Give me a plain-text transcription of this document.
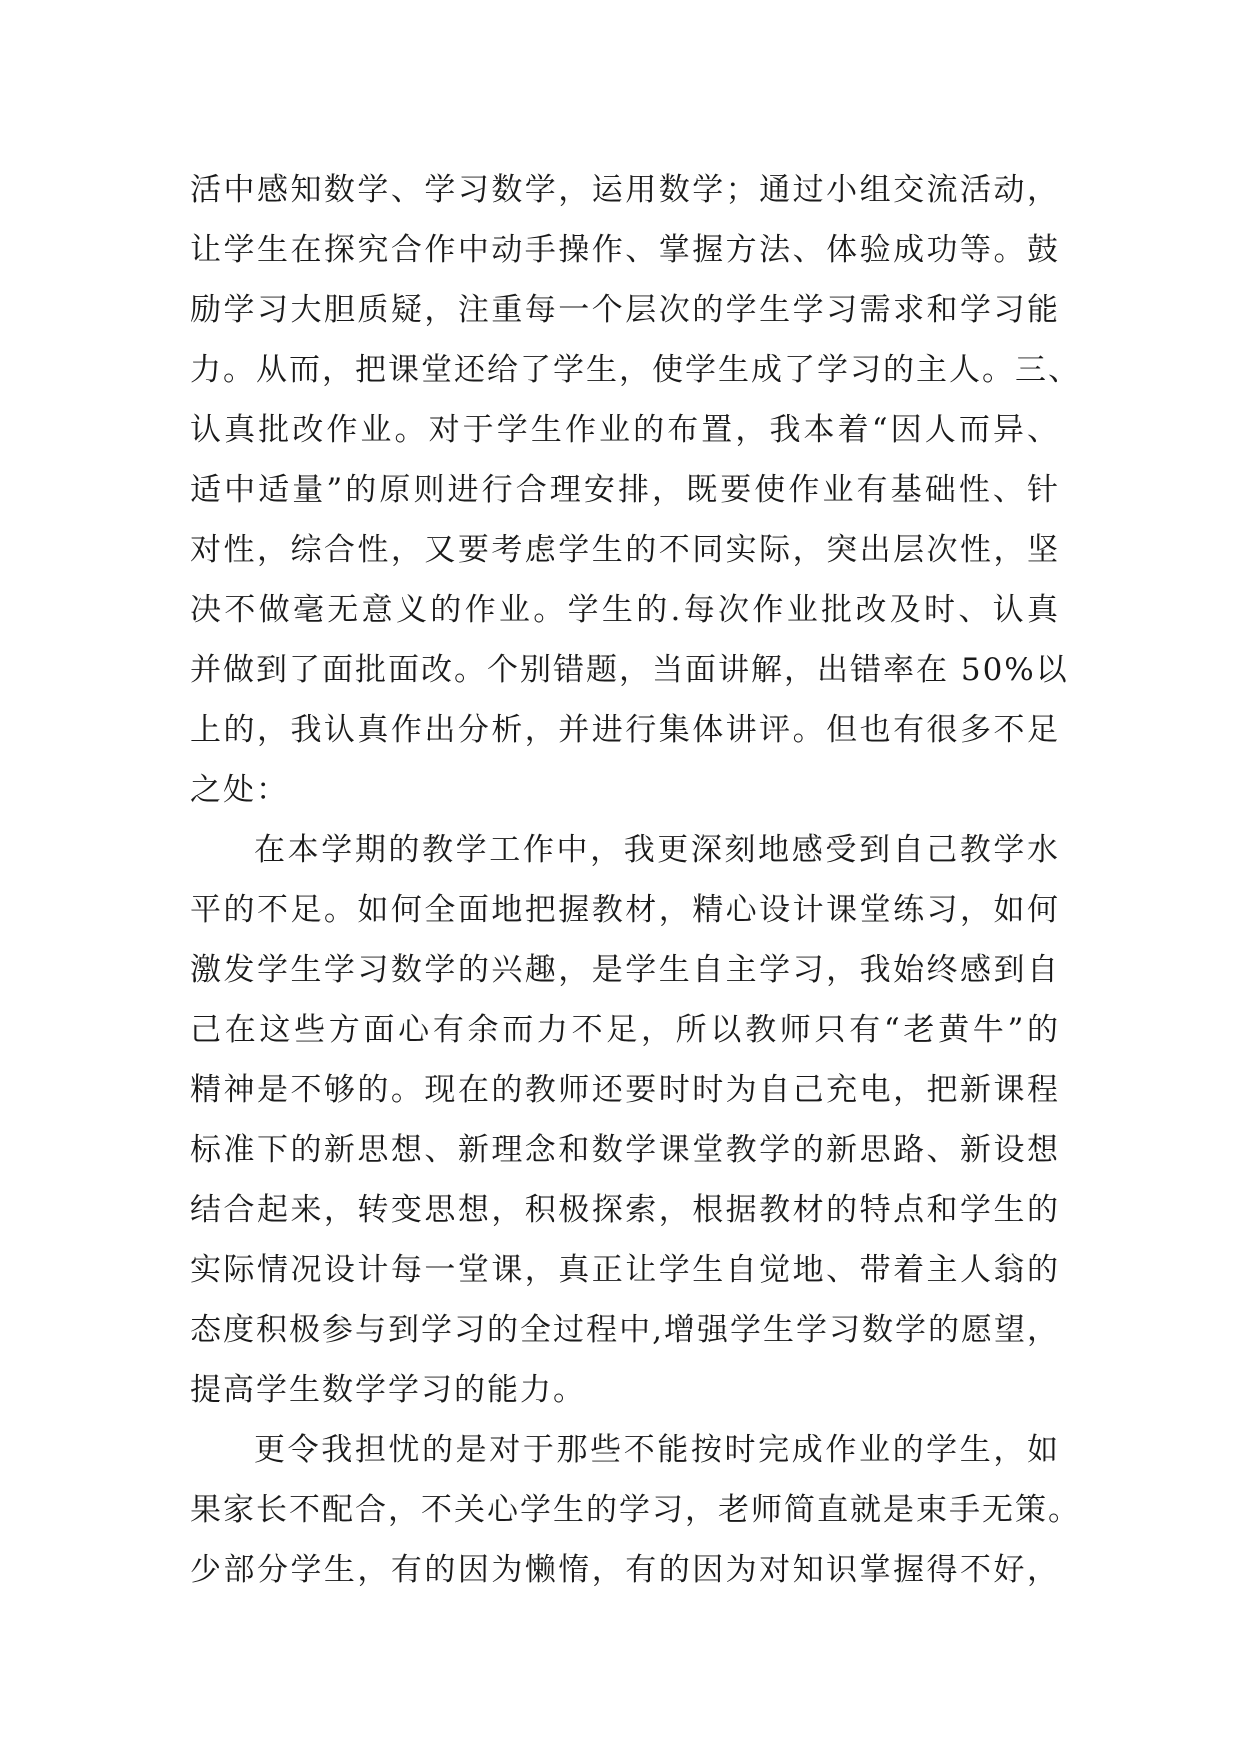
活中感知数学、学习数学，运用数学；通过小组交流活动，
让学生在探究合作中动手操作、掌握方法、体验成功等。鼓
励学习大胆质疑，注重每一个层次的学生学习需求和学习能
力。从而，把课堂还给了学生，使学生成了学习的主人。三、
认真批改作业。对于学生作业的布置，我本着“因人而异、
适中适量”的原则进行合理安排，既要使作业有基础性、针
对性，综合性，又要考虑学生的不同实际，突出层次性，坚
决不做毫无意义的作业。学生的.每次作业批改及时、认真
并做到了面批面改。个别错题，当面讲解，出错率在 50%以
上的，我认真作出分析，并进行集体讲评。但也有很多不足
之处：
在本学期的教学工作中，我更深刻地感受到自己教学水
平的不足。如何全面地把握教材，精心设计课堂练习，如何
激发学生学习数学的兴趣，是学生自主学习，我始终感到自
己在这些方面心有余而力不足，所以教师只有“老黄牛”的
精神是不够的。现在的教师还要时时为自己充电，把新课程
标准下的新思想、新理念和数学课堂教学的新思路、新设想
结合起来，转变思想，积极探索，根据教材的特点和学生的
实际情况设计每一堂课，真正让学生自觉地、带着主人翁的
态度积极参与到学习的全过程中,增强学生学习数学的愿望，
提高学生数学学习的能力。
更令我担忧的是对于那些不能按时完成作业的学生，如
果家长不配合，不关心学生的学习，老师简直就是束手无策。
少部分学生，有的因为懒惰，有的因为对知识掌握得不好，
